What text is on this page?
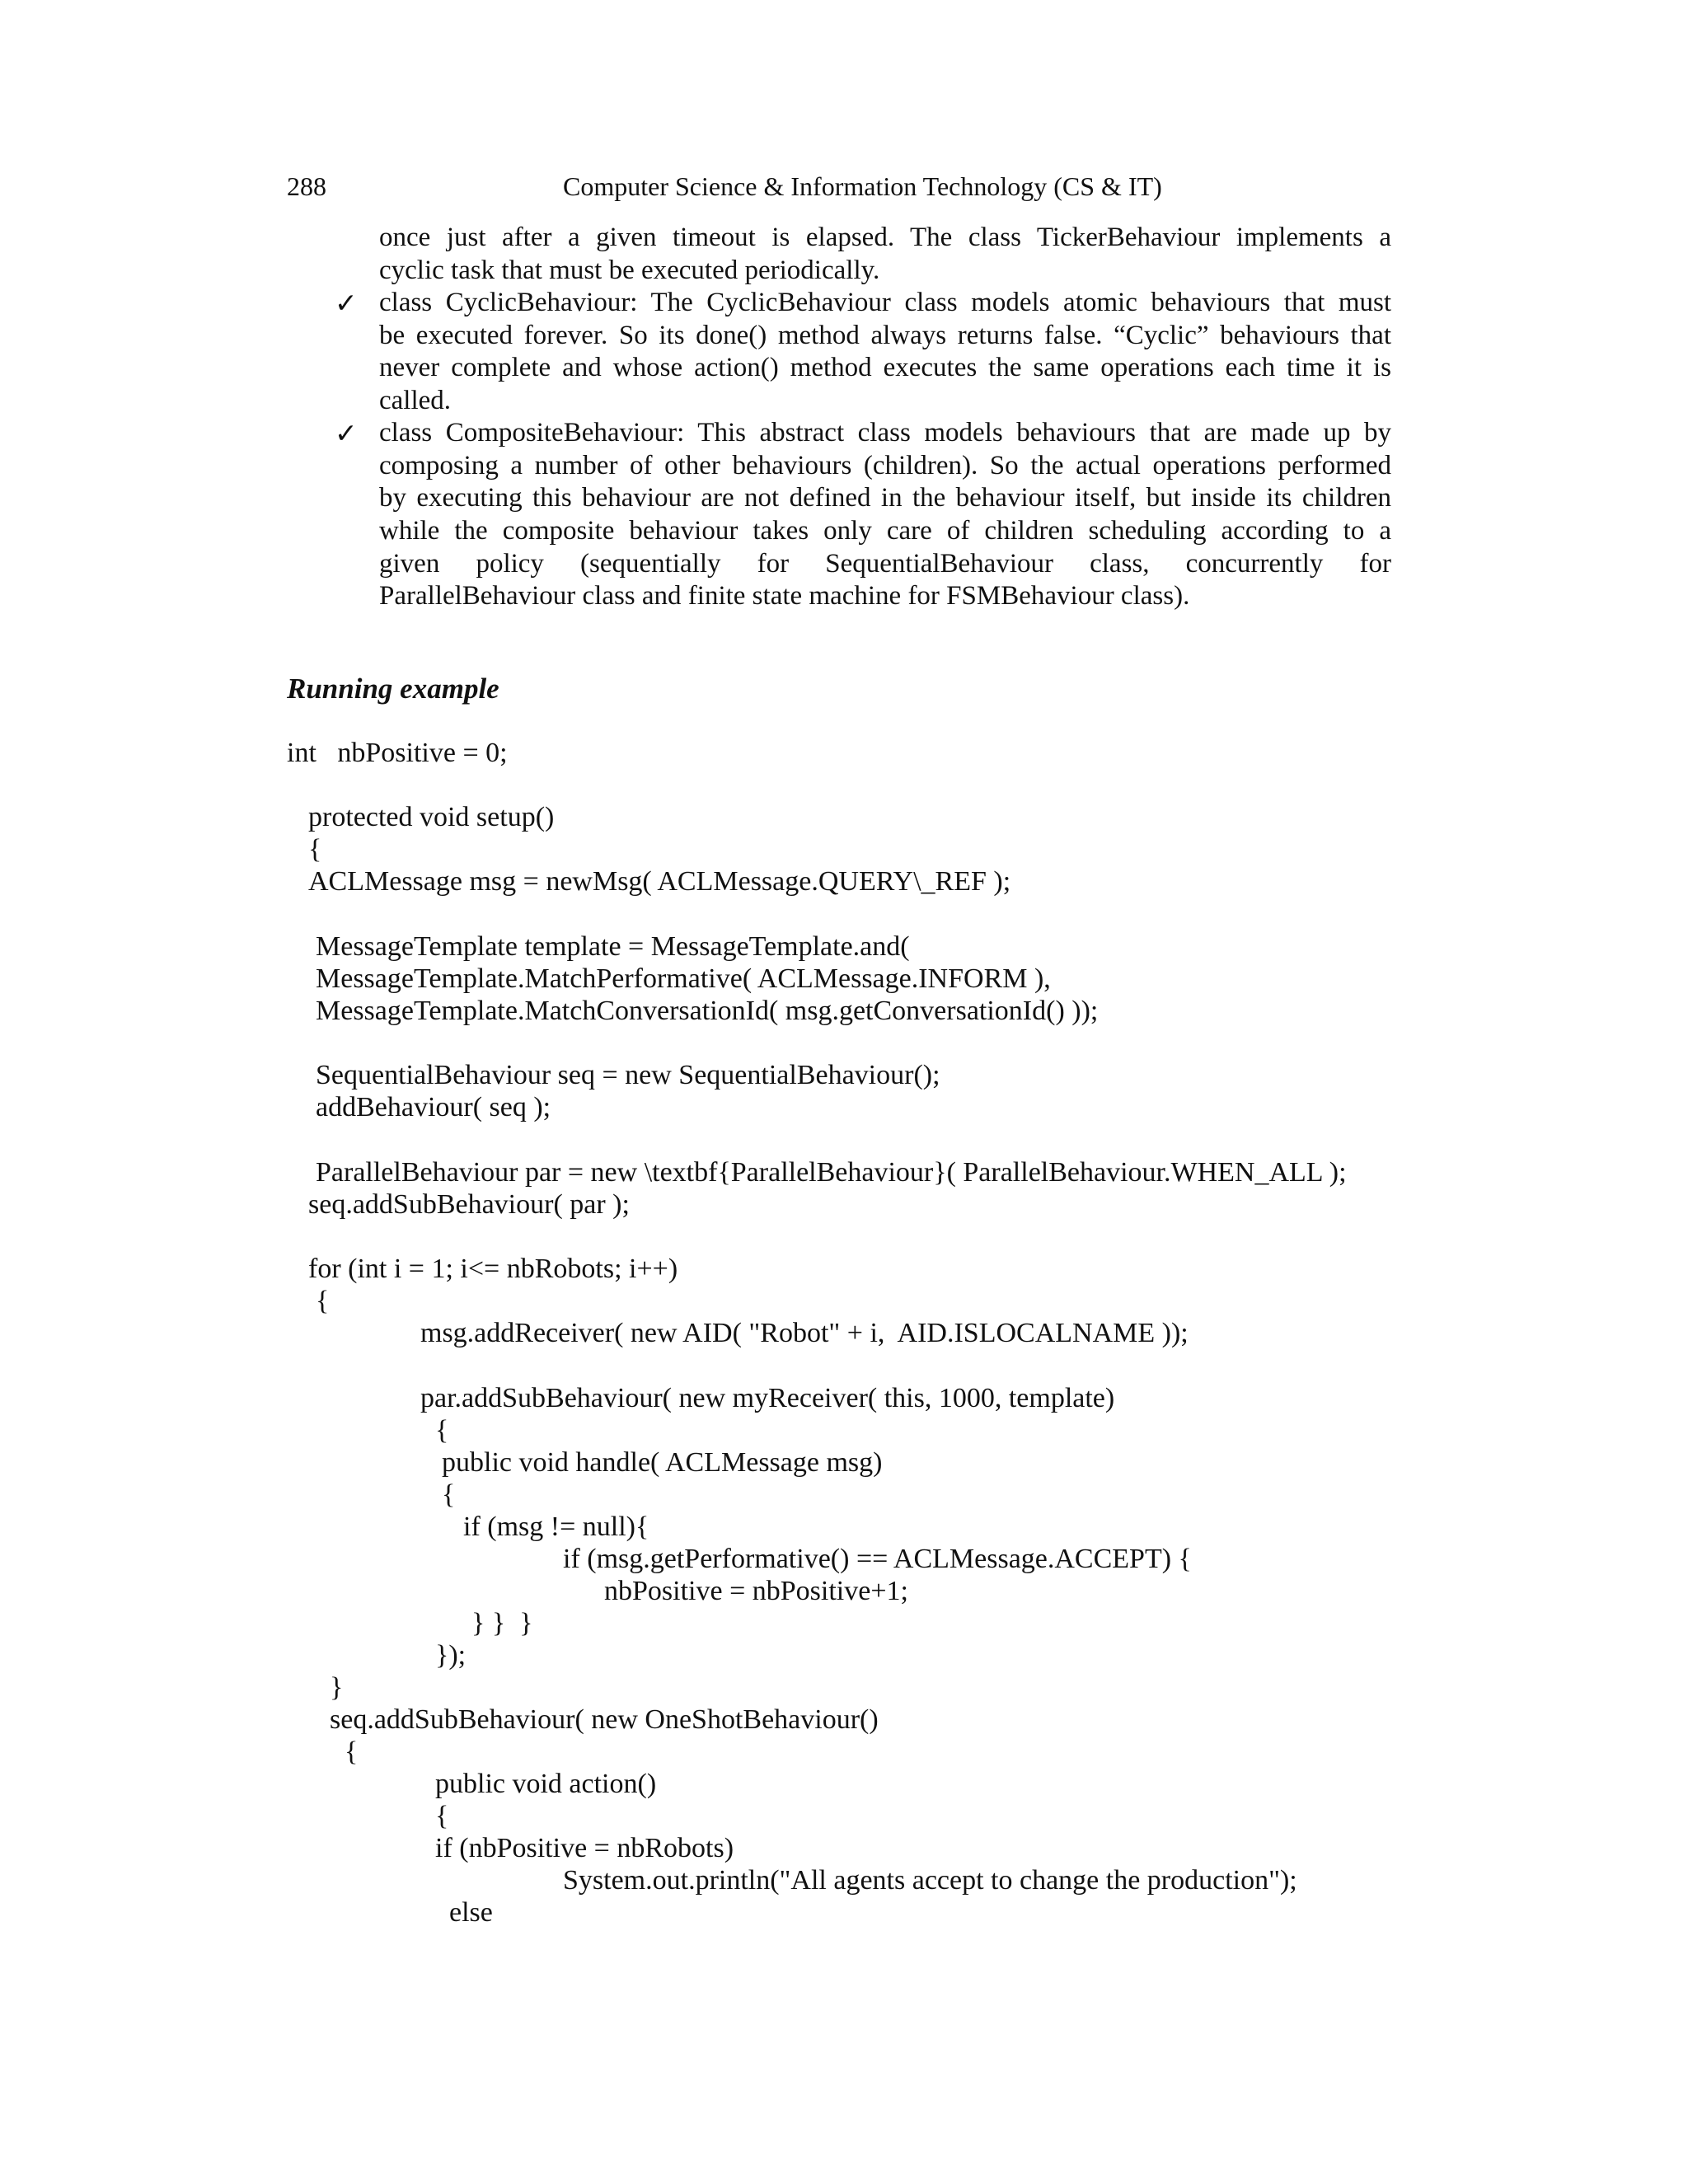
288	Computer Science & Information Technology (CS & IT)
once just after a given timeout is elapsed. The class TickerBehaviour implements a
cyclic task that must be executed periodically.
✓ class CyclicBehaviour: The CyclicBehaviour class models atomic behaviours that must
be executed forever. So its done() method always returns false. “Cyclic” behaviours that
never complete and whose action() method executes the same operations each time it is
called.
✓ class CompositeBehaviour: This abstract class models behaviours that are made up by
composing a number of other behaviours (children). So the actual operations performed
by executing this behaviour are not defined in the behaviour itself, but inside its children
while the composite behaviour takes only care of children scheduling according to a
given policy (sequentially for SequentialBehaviour class, concurrently for
ParallelBehaviour class and finite state machine for FSMBehaviour class).
Running example
int   nbPositive = 0;
protected void setup()
{
ACLMessage msg = newMsg( ACLMessage.QUERY\_REF );
MessageTemplate template = MessageTemplate.and(
MessageTemplate.MatchPerformative( ACLMessage.INFORM ),
MessageTemplate.MatchConversationId( msg.getConversationId() ));
SequentialBehaviour seq = new SequentialBehaviour();
addBehaviour( seq );
ParallelBehaviour par = new \textbf{ParallelBehaviour}( ParallelBehaviour.WHEN_ALL );
seq.addSubBehaviour( par );
for (int i = 1; i<= nbRobots; i++)
{
msg.addReceiver( new AID( "Robot" + i,  AID.ISLOCALNAME ));
par.addSubBehaviour( new myReceiver( this, 1000, template)
{
public void handle( ACLMessage msg)
{
if (msg != null){
if (msg.getPerformative() == ACLMessage.ACCEPT) {
nbPositive = nbPositive+1;
} }  }
});
}
seq.addSubBehaviour( new OneShotBehaviour()
{
public void action()
{
if (nbPositive = nbRobots)
System.out.println("All agents accept to change the production");
else
